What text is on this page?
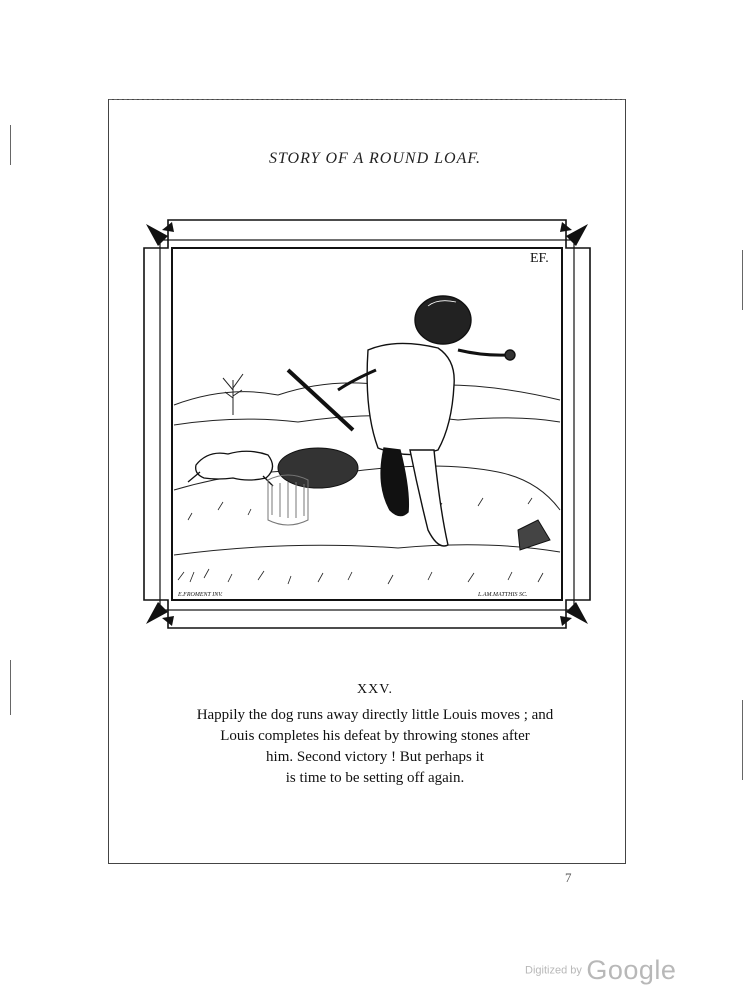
STORY OF A ROUND LOAF.
EF.
E.FROMENT INV.	L.AM.MATTHIS SC.
XXV.
Happily the dog runs away directly little Louis moves ; and
Louis completes his defeat by throwing stones after
him. Second victory ! But perhaps it
is time to be setting off again.
7
Digitized by Google
